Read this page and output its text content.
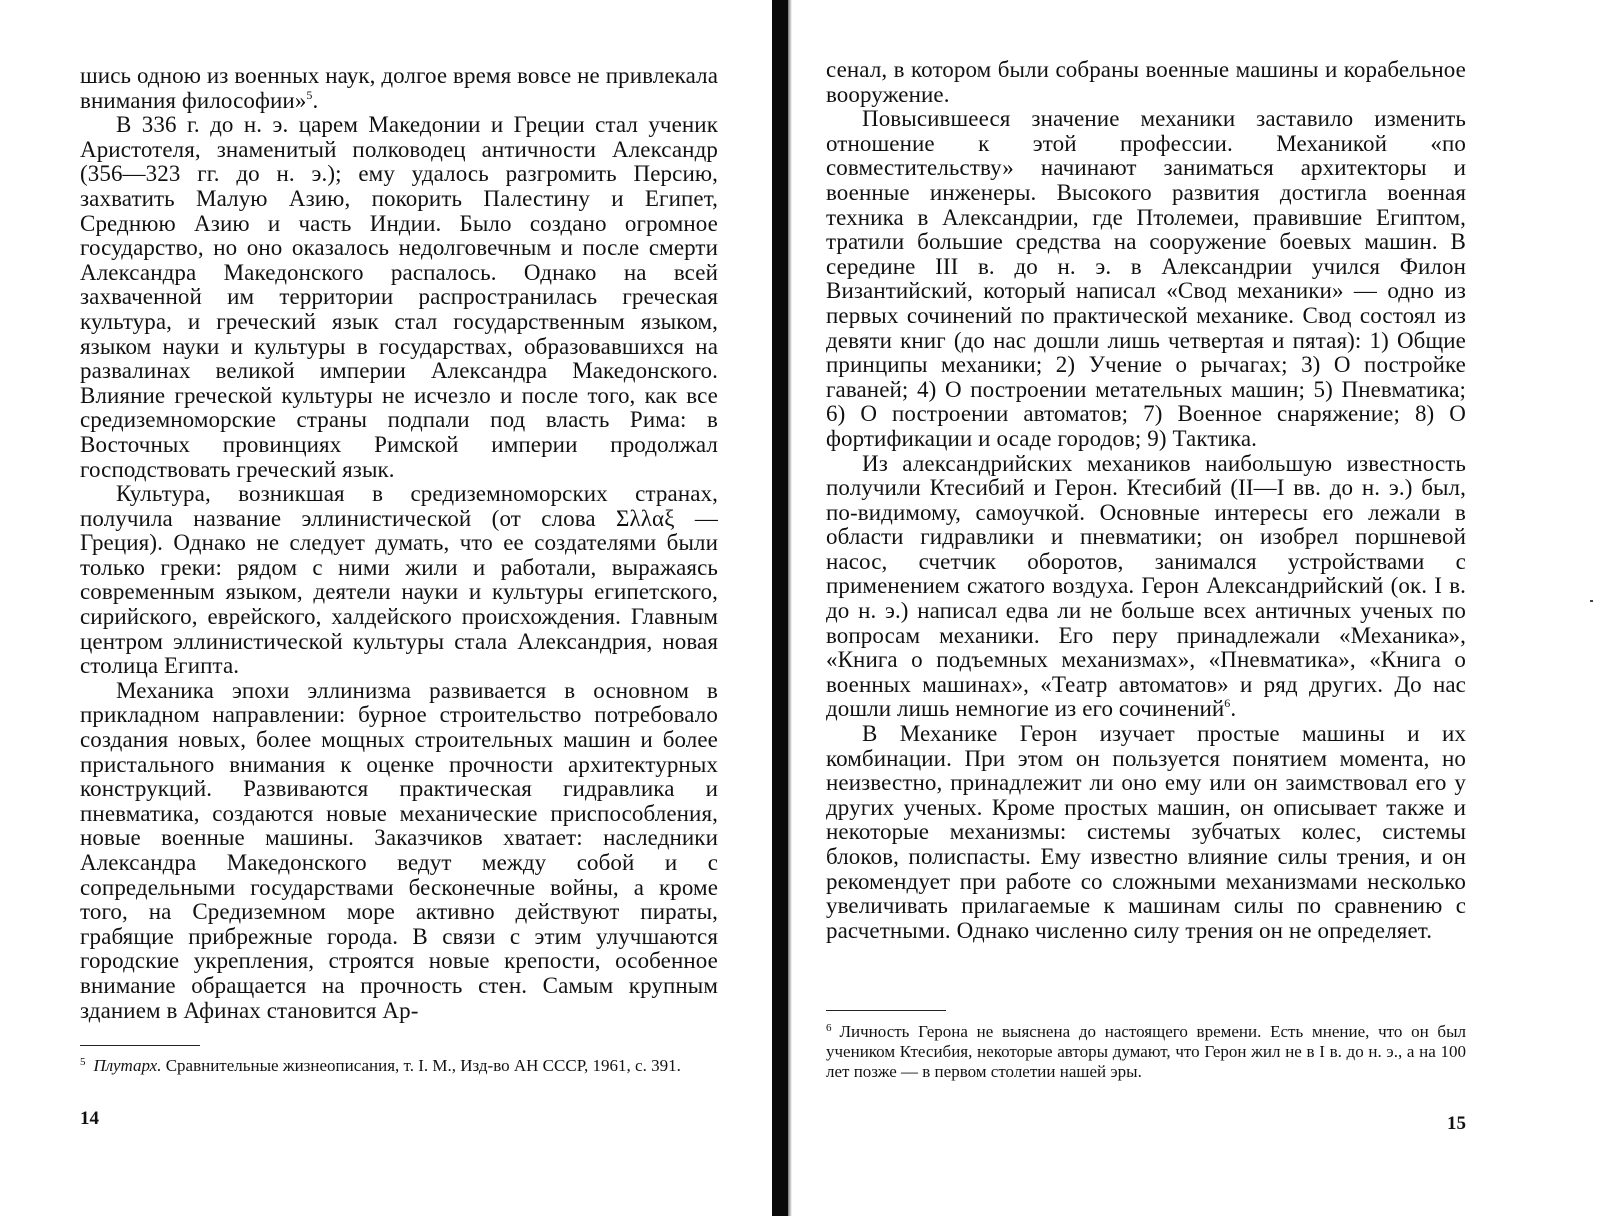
шись одною из военных наук, долгое время вовсе не привлекала внимания философии»$^5$.

В 336 г. до н. э. царем Македонии и Греции стал ученик Аристотеля, знаменитый полководец античности Александр (356—323 гг. до н. э.); ему удалось разгромить Персию, захватить Малую Азию, покорить Палестину и Египет, Среднюю Азию и часть Индии. Было создано огромное государство, но оно оказалось недолговечным и после смерти Александра Македонского распалось. Однако на всей захваченной им территории распространилась греческая культура, и греческий язык стал государственным языком, языком науки и культуры в государствах, образовавшихся на развалинах великой империи Александра Македонского. Влияние греческой культуры не исчезло и после того, как все средиземноморские страны подпали под власть Рима: в Восточных провинциях Римской империи продолжал господствовать греческий язык.

Культура, возникшая в средиземноморских странах, получила название эллинистической (от слова Σλλαξ — Греция). Однако не следует думать, что ее создателями были только греки: рядом с ними жили и работали, выражаясь современным языком, деятели науки и культуры египетского, сирийского, еврейского, халдейского происхождения. Главным центром эллинистической культуры стала Александрия, новая столица Египта.

Механика эпохи эллинизма развивается в основном в прикладном направлении: бурное строительство потребовало создания новых, более мощных строительных машин и более пристального внимания к оценке прочности архитектурных конструкций. Развиваются практическая гидравлика и пневматика, создаются новые механические приспособления, новые военные машины. Заказчиков хватает: наследники Александра Македонского ведут между собой и с сопредельными государствами бесконечные войны, а кроме того, на Средиземном море активно действуют пираты, грабящие прибрежные города. В связи с этим улучшаются городские укрепления, строятся новые крепости, особенное внимание обращается на прочность стен. Самым крупным зданием в Афинах становится Ар-

$^5$ Плутарх. Сравнительные жизнеописания, т. I. М., Изд-во АН СССР, 1961, с. 391.
14

сенал, в котором были собраны военные машины и корабельное вооружение.

Повысившееся значение механики заставило изменить отношение к этой профессии. Механикой «по совместительству» начинают заниматься архитекторы и военные инженеры. Высокого развития достигла военная техника в Александрии, где Птолемеи, правившие Египтом, тратили большие средства на сооружение боевых машин. В середине III в. до н. э. в Александрии учился Филон Византийский, который написал «Свод механики» — одно из первых сочинений по практической механике. Свод состоял из девяти книг (до нас дошли лишь четвертая и пятая): 1) Общие принципы механики; 2) Учение о рычагах; 3) О постройке гаваней; 4) О построении метательных машин; 5) Пневматика; 6) О построении автоматов; 7) Военное снаряжение; 8) О фортификации и осаде городов; 9) Тактика.

Из александрийских механиков наибольшую известность получили Ктесибий и Герон. Ктесибий (II—I вв. до н. э.) был, по-видимому, самоучкой. Основные интересы его лежали в области гидравлики и пневматики; он изобрел поршневой насос, счетчик оборотов, занимался устройствами с применением сжатого воздуха. Герон Александрийский (ок. I в. до н. э.) написал едва ли не больше всех античных ученых по вопросам механики. Его перу принадлежали «Механика», «Книга о подъемных механизмах», «Пневматика», «Книга о военных машинах», «Театр автоматов» и ряд других. До нас дошли лишь немногие из его сочинений$^6$.

В Механике Герон изучает простые машины и их комбинации. При этом он пользуется понятием момента, но неизвестно, принадлежит ли оно ему или он заимствовал его у других ученых. Кроме простых машин, он описывает также и некоторые механизмы: системы зубчатых колес, системы блоков, полиспасты. Ему известно влияние силы трения, и он рекомендует при работе со сложными механизмами несколько увеличивать прилагаемые к машинам силы по сравнению с расчетными. Однако численно силу трения он не определяет.

$^6$ Личность Герона не выяснена до настоящего времени. Есть мнение, что он был учеником Ктесибия, некоторые авторы думают, что Герон жил не в I в. до н. э., а на 100 лет позже — в первом столетии нашей эры.
15
